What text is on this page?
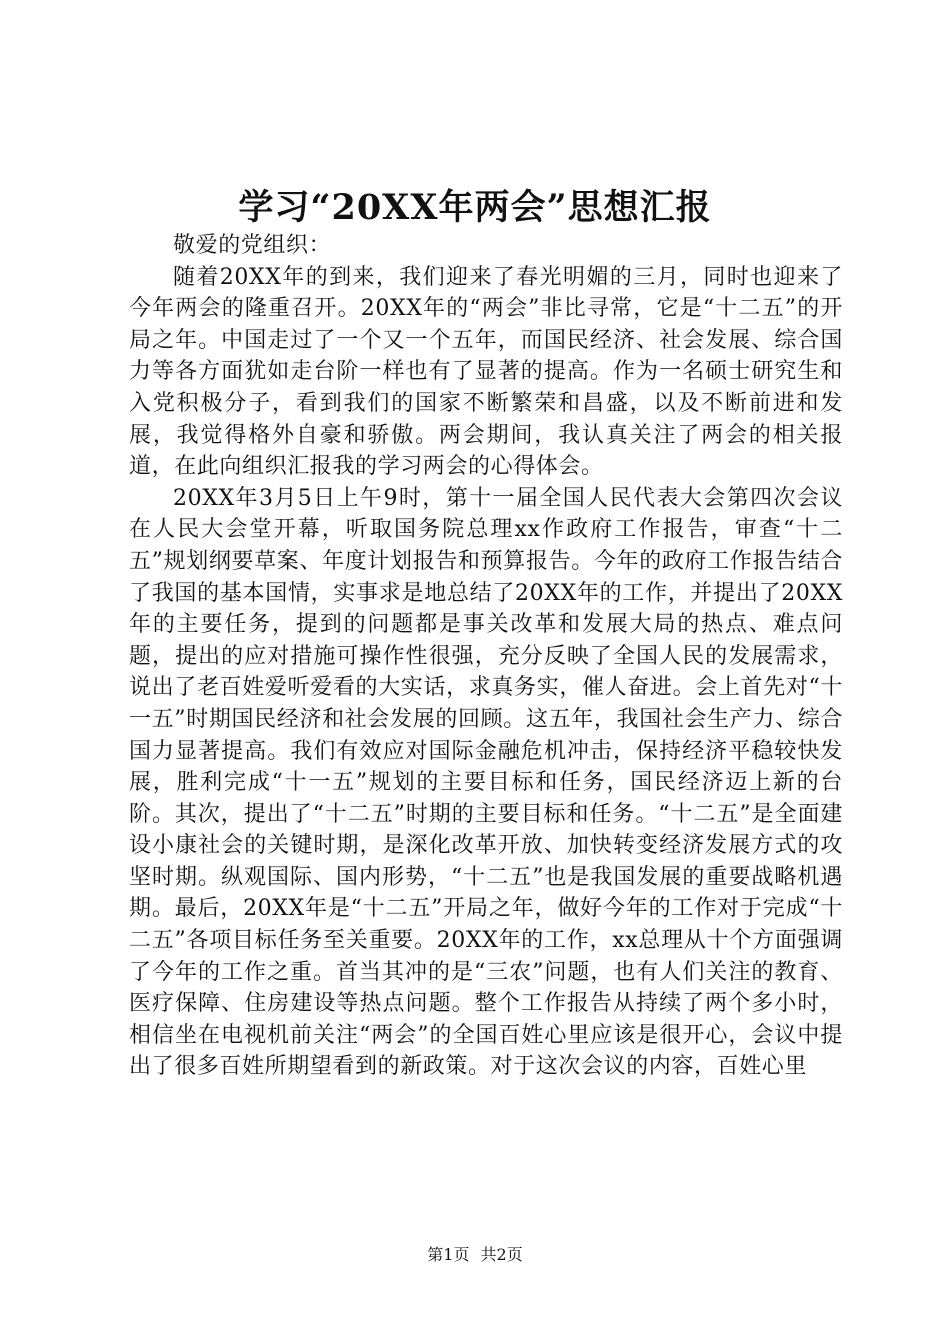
学习“20XX年两会”思想汇报

敬爱的党组织：

随着20XX年的到来，我们迎来了春光明媚的三月，同时也迎来了今年两会的隆重召开。20XX年的“两会”非比寻常，它是“十二五”的开局之年。中国走过了一个又一个五年，而国民经济、社会发展、综合国力等各方面犹如走台阶一样也有了显著的提高。作为一名硕士研究生和入党积极分子，看到我们的国家不断繁荣和昌盛，以及不断前进和发展，我觉得格外自豪和骄傲。两会期间，我认真关注了两会的相关报道，在此向组织汇报我的学习两会的心得体会。

20XX年3月5日上午9时，第十一届全国人民代表大会第四次会议在人民大会堂开幕，听取国务院总理xx作政府工作报告，审查“十二五”规划纲要草案、年度计划报告和预算报告。今年的政府工作报告结合了我国的基本国情，实事求是地总结了20XX年的工作，并提出了20XX年的主要任务，提到的问题都是事关改革和发展大局的热点、难点问题，提出的应对措施可操作性很强，充分反映了全国人民的发展需求，说出了老百姓爱听爱看的大实话，求真务实，催人奋进。会上首先对“十一五”时期国民经济和社会发展的回顾。这五年，我国社会生产力、综合国力显著提高。我们有效应对国际金融危机冲击，保持经济平稳较快发展，胜利完成“十一五”规划的主要目标和任务，国民经济迈上新的台阶。其次，提出了“十二五”时期的主要目标和任务。“十二五”是全面建设小康社会的关键时期，是深化改革开放、加快转变经济发展方式的攻坚时期。纵观国际、国内形势，“十二五”也是我国发展的重要战略机遇期。最后，20XX年是“十二五”开局之年，做好今年的工作对于完成“十二五”各项目标任务至关重要。20XX年的工作，xx总理从十个方面强调了今年的工作之重。首当其冲的是“三农”问题，也有人们关注的教育、医疗保障、住房建设等热点问题。整个工作报告从持续了两个多小时，相信坐在电视机前关注“两会”的全国百姓心里应该是很开心，会议中提出了很多百姓所期望看到的新政策。对于这次会议的内容，百姓心里

第1页 共2页
